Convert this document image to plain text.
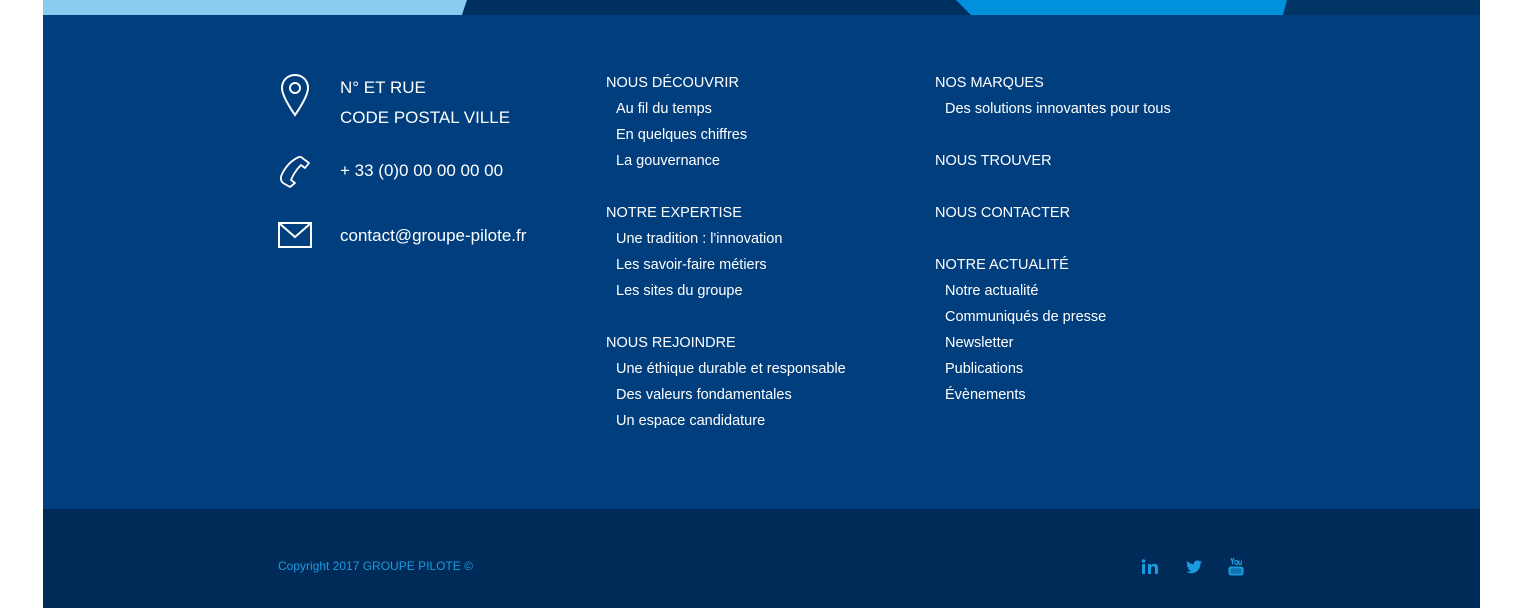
N° ET RUE
CODE POSTAL VILLE
+ 33 (0)0 00 00 00 00
contact@groupe-pilote.fr
NOUS DÉCOUVRIR
Au fil du temps
En quelques chiffres
La gouvernance
NOTRE EXPERTISE
Une tradition : l'innovation
Les savoir-faire métiers
Les sites du groupe
NOUS REJOINDRE
Une éthique durable et responsable
Des valeurs fondamentales
Un espace candidature
NOS MARQUES
Des solutions innovantes pour tous
NOUS TROUVER
NOUS CONTACTER
NOTRE ACTUALITÉ
Notre actualité
Communiqués de presse
Newsletter
Publications
Évènements
Copyright 2017 GROUPE PILOTE ©
